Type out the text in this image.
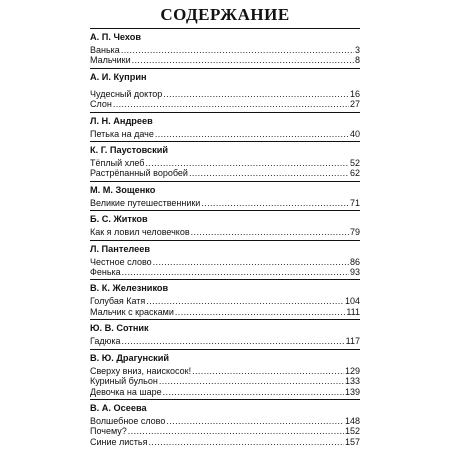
СОДЕРЖАНИЕ
А. П. Чехов
Ванька .....	3
Мальчики .....	8
А. И. Куприн
Чудесный доктор .....	16
Слон .....	27
Л. Н. Андреев
Петька на даче .....	40
К. Г. Паустовский
Тёплый хлеб .....	52
Растрёпанный воробей .....	62
М. М. Зощенко
Великие путешественники .....	71
Б. С. Житков
Как я ловил человечков .....	79
Л. Пантелеев
Честное слово .....	86
Фенька .....	93
В. К. Железников
Голубая Катя .....	104
Мальчик с красками .....	111
Ю. В. Сотник
Гадюка .....	117
В. Ю. Драгунский
Сверху вниз, наискосок! .....	129
Куриный бульон .....	133
Девочка на шаре .....	139
В. А. Осеева
Волшебное слово .....	148
Почему? .....	152
Синие листья .....	157
